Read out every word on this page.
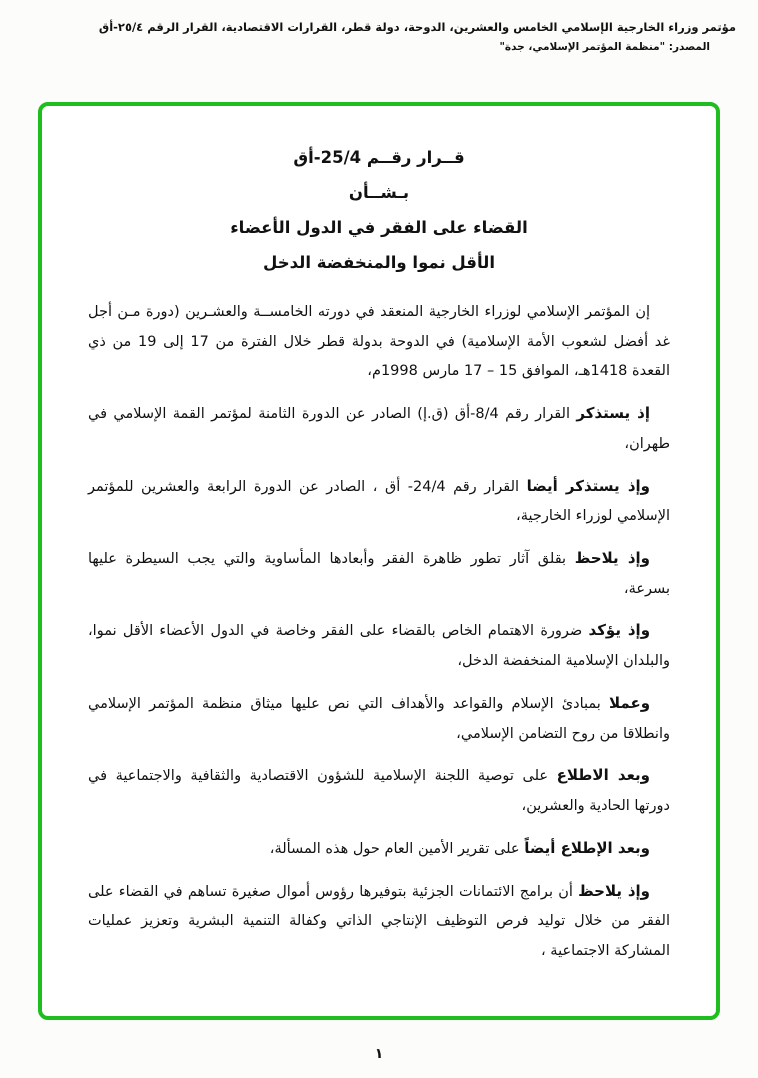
مؤتمر وزراء الخارجية الإسلامي الخامس والعشرين، الدوحة، دولة قطر، القرارات الاقتصادية، القرار الرقم ٢٥/٤-أق
المصدر: "منظمة المؤتمر الإسلامي، جدة"
قــرار رقــم 25/4-أق
بـشــأن
القضاء على الفقر في الدول الأعضاء
الأقل نموا والمنخفضة الدخل

إن المؤتمر الإسلامي لوزراء الخارجية المنعقد في دورته الخامســة والعشـرين (دورة مـن أجل غد أفضل لشعوب الأمة الإسلامية) في الدوحة بدولة قطر خلال الفترة من 17 إلى 19 من ذي القعدة 1418هـ، الموافق 15 – 17 مارس 1998م،

إذ يستذكر القرار رقم 8/4-أق (ق.إ) الصادر عن الدورة الثامنة لمؤتمر القمة الإسلامي في طهران،

وإذ يستذكر أيضا القرار رقم 24/4- أق ، الصادر عن الدورة الرابعة والعشرين للمؤتمر الإسلامي لوزراء الخارجية،

وإذ يلاحظ بقلق آثار تطور ظاهرة الفقر وأبعادها المأساوية والتي يجب السيطرة عليها بسرعة،

وإذ يؤكد ضرورة الاهتمام الخاص بالقضاء على الفقر وخاصة في الدول الأعضاء الأقل نموا، والبلدان الإسلامية المنخفضة الدخل،

وعملا بمبادئ الإسلام والقواعد والأهداف التي نص عليها ميثاق منظمة المؤتمر الإسلامي وانطلاقا من روح التضامن الإسلامي،

وبعد الاطلاع على توصية اللجنة الإسلامية للشؤون الاقتصادية والثقافية والاجتماعية في دورتها الحادية والعشرين،

وبعد الإطلاع أيضاً على تقرير الأمين العام حول هذه المسألة،

وإذ يلاحظ أن برامج الائتمانات الجزئية بتوفيرها رؤوس أموال صغيرة تساهم في القضاء على الفقر من خلال توليد فرص التوظيف الإنتاجي الذاتي وكفالة التنمية البشرية وتعزيز عمليات المشاركة الاجتماعية ،

١
